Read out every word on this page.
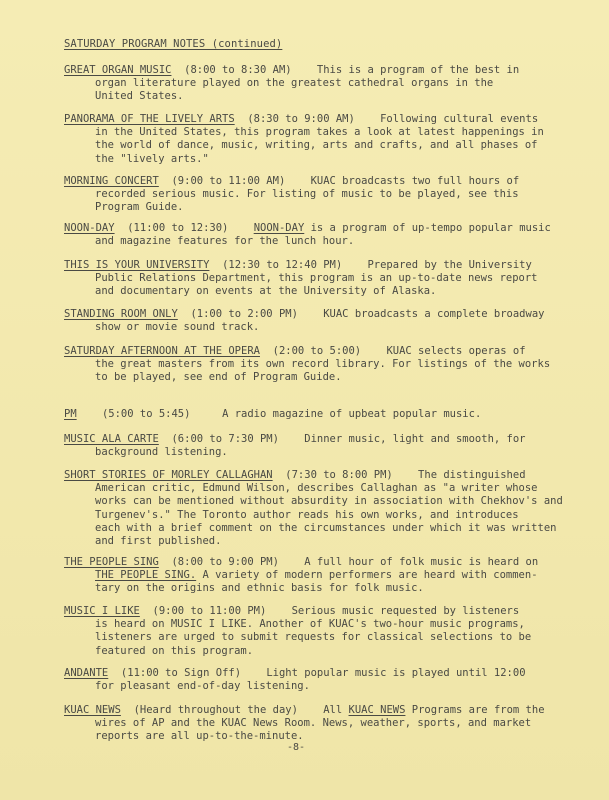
SATURDAY PROGRAM NOTES (continued)
GREAT ORGAN MUSIC (8:00 to 8:30 AM) This is a program of the best in
organ literature played on the greatest cathedral organs in the
United States.
PANORAMA OF THE LIVELY ARTS (8:30 to 9:00 AM) Following cultural events
in the United States, this program takes a look at latest happenings in
the world of dance, music, writing, arts and crafts, and all phases of
the "lively arts."
MORNING CONCERT (9:00 to 11:00 AM) KUAC broadcasts two full hours of
recorded serious music. For listing of music to be played, see this
Program Guide.
NOON-DAY (11:00 to 12:30) NOON-DAY is a program of up-tempo popular music
and magazine features for the lunch hour.
THIS IS YOUR UNIVERSITY (12:30 to 12:40 PM) Prepared by the University
Public Relations Department, this program is an up-to-date news report
and documentary on events at the University of Alaska.
STANDING ROOM ONLY (1:00 to 2:00 PM) KUAC broadcasts a complete broadway
show or movie sound track.
SATURDAY AFTERNOON AT THE OPERA (2:00 to 5:00) KUAC selects operas of
the great masters from its own record library. For listings of the works
to be played, see end of Program Guide.
PM (5:00 to 5:45)	A radio magazine of upbeat popular music.
MUSIC ALA CARTE (6:00 to 7:30 PM) Dinner music, light and smooth, for
background listening.
SHORT STORIES OF MORLEY CALLAGHAN (7:30 to 8:00 PM) The distinguished
American critic, Edmund Wilson, describes Callaghan as "a writer whose
works can be mentioned without absurdity in association with Chekhov's and
Turgenev's." The Toronto author reads his own works, and introduces
each with a brief comment on the circumstances under which it was written
and first published.
THE PEOPLE SING (8:00 to 9:00 PM) A full hour of folk music is heard on
THE PEOPLE SING. A variety of modern performers are heard with commen-
tary on the origins and ethnic basis for folk music.
MUSIC I LIKE (9:00 to 11:00 PM) Serious music requested by listeners
is heard on MUSIC I LIKE. Another of KUAC's two-hour music programs,
listeners are urged to submit requests for classical selections to be
featured on this program.
ANDANTE (11:00 to Sign Off) Light popular music is played until 12:00
for pleasant end-of-day listening.
KUAC NEWS (Heard throughout the day) All KUAC NEWS Programs are from the
wires of AP and the KUAC News Room. News, weather, sports, and market
reports are all up-to-the-minute.
-8-
